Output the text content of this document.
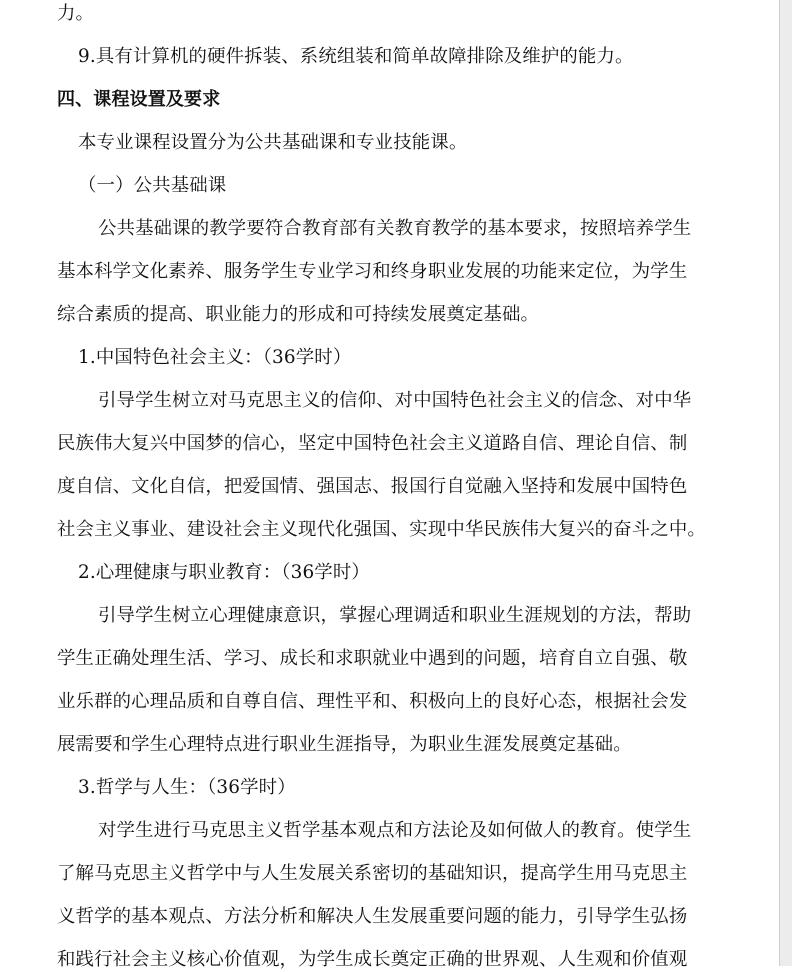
力。
9.具有计算机的硬件拆装、系统组装和简单故障排除及维护的能力。
四、课程设置及要求
本专业课程设置分为公共基础课和专业技能课。
（一）公共基础课
公共基础课的教学要符合教育部有关教育教学的基本要求，按照培养学生
基本科学文化素养、服务学生专业学习和终身职业发展的功能来定位，为学生
综合素质的提高、职业能力的形成和可持续发展奠定基础。
1.中国特色社会主义：（36学时）
引导学生树立对马克思主义的信仰、对中国特色社会主义的信念、对中华
民族伟大复兴中国梦的信心，坚定中国特色社会主义道路自信、理论自信、制
度自信、文化自信，把爱国情、强国志、报国行自觉融入坚持和发展中国特色
社会主义事业、建设社会主义现代化强国、实现中华民族伟大复兴的奋斗之中。
2.心理健康与职业教育：（36学时）
引导学生树立心理健康意识，掌握心理调适和职业生涯规划的方法，帮助
学生正确处理生活、学习、成长和求职就业中遇到的问题，培育自立自强、敬
业乐群的心理品质和自尊自信、理性平和、积极向上的良好心态，根据社会发
展需要和学生心理特点进行职业生涯指导，为职业生涯发展奠定基础。
3.哲学与人生：（36学时）
对学生进行马克思主义哲学基本观点和方法论及如何做人的教育。使学生
了解马克思主义哲学中与人生发展关系密切的基础知识，提高学生用马克思主
义哲学的基本观点、方法分析和解决人生发展重要问题的能力，引导学生弘扬
和践行社会主义核心价值观，为学生成长奠定正确的世界观、人生观和价值观
